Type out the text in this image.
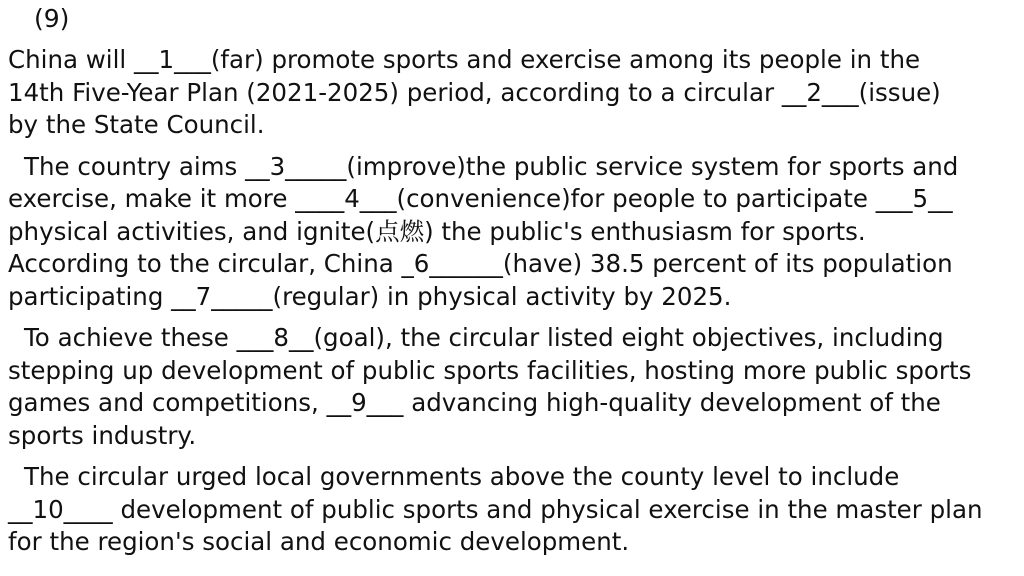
(9)
China will __1___(far) promote sports and exercise among its people in the
14th Five-Year Plan (2021-2025) period, according to a circular __2___(issue)
by the State Council.
The country aims __3_____(improve)the public service system for sports and
exercise, make it more ____4___(convenience)for people to participate ___5__
physical activities, and ignite(点燃) the public's enthusiasm for sports.
According to the circular, China _6______(have) 38.5 percent of its population
participating __7_____(regular) in physical activity by 2025.
To achieve these ___8__(goal), the circular listed eight objectives, including
stepping up development of public sports facilities, hosting more public sports
games and competitions, __9___ advancing high-quality development of the
sports industry.
The circular urged local governments above the county level to include
__10____ development of public sports and physical exercise in the master plan
for the region's social and economic development.
